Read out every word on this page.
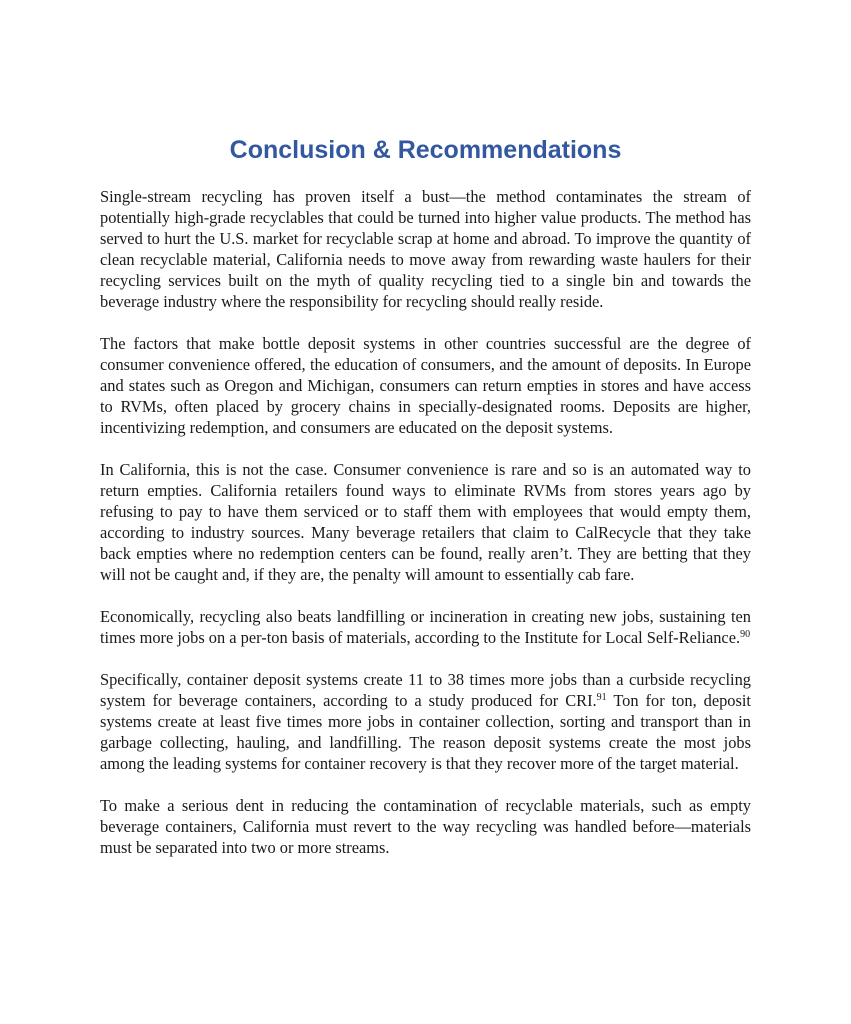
Conclusion & Recommendations

Single-stream recycling has proven itself a bust—the method contaminates the stream of potentially high-grade recyclables that could be turned into higher value products. The method has served to hurt the U.S. market for recyclable scrap at home and abroad. To improve the quantity of clean recyclable material, California needs to move away from rewarding waste haulers for their recycling services built on the myth of quality recycling tied to a single bin and towards the beverage industry where the responsibility for recycling should really reside.

The factors that make bottle deposit systems in other countries successful are the degree of consumer convenience offered, the education of consumers, and the amount of deposits. In Europe and states such as Oregon and Michigan, consumers can return empties in stores and have access to RVMs, often placed by grocery chains in specially-designated rooms. Deposits are higher, incentivizing redemption, and consumers are educated on the deposit systems.

In California, this is not the case. Consumer convenience is rare and so is an automated way to return empties. California retailers found ways to eliminate RVMs from stores years ago by refusing to pay to have them serviced or to staff them with employees that would empty them, according to industry sources. Many beverage retailers that claim to CalRecycle that they take back empties where no redemption centers can be found, really aren’t. They are betting that they will not be caught and, if they are, the penalty will amount to essentially cab fare.

Economically, recycling also beats landfilling or incineration in creating new jobs, sustaining ten times more jobs on a per-ton basis of materials, according to the Institute for Local Self-Reliance.$^{90}$

Specifically, container deposit systems create 11 to 38 times more jobs than a curbside recycling system for beverage containers, according to a study produced for CRI.$^{91}$ Ton for ton, deposit systems create at least five times more jobs in container collection, sorting and transport than in garbage collecting, hauling, and landfilling. The reason deposit systems create the most jobs among the leading systems for container recovery is that they recover more of the target material.

To make a serious dent in reducing the contamination of recyclable materials, such as empty beverage containers, California must revert to the way recycling was handled before—materials must be separated into two or more streams.
